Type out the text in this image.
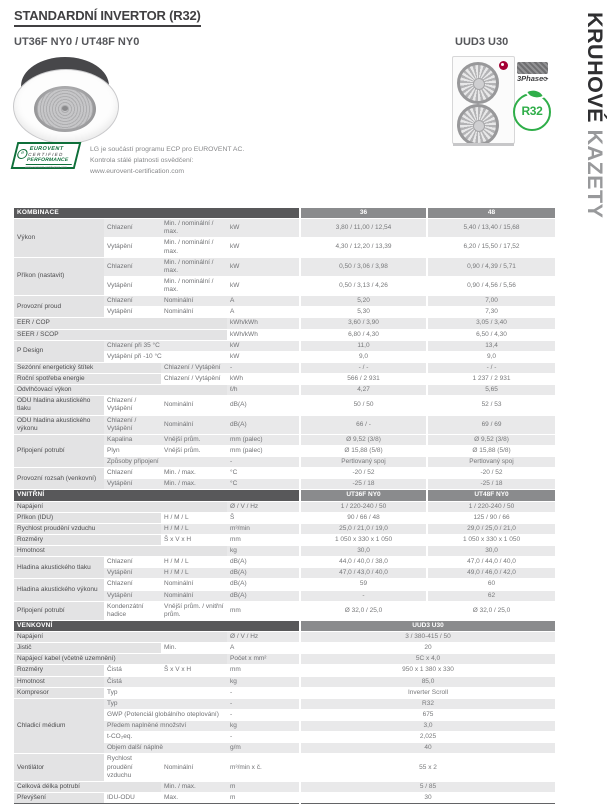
STANDARDNÍ INVERTOR (R32)
UT36F NY0 / UT48F NY0	UUD3 U30
3Phase⟳
R32
e
EUROVENT
CERTIFIED
PERFORMANCE
www.eurovent-certification.com
LG je součástí programu ECP pro EUROVENT AC.
Kontrola stálé platnosti osvědčení:
www.eurovent-certification.com
KRUHOVÉ KAZETY
KOMBINACE				36	48
Výkon	Chlazení	Min. / nominální / max.	kW	3,80 / 11,00 / 12,54	5,40 / 13,40 / 15,68
	Vytápění	Min. / nominální / max.	kW	4,30 / 12,20 / 13,39	6,20 / 15,50 / 17,52
Příkon (nastavit)	Chlazení	Min. / nominální / max.	kW	0,50 / 3,06 / 3,98	0,90 / 4,39 / 5,71
	Vytápění	Min. / nominální / max.	kW	0,50 / 3,13 / 4,26	0,90 / 4,56 / 5,56
Provozní proud	Chlazení	Nominální	A	5,20	7,00
	Vytápění	Nominální	A	5,30	7,30
EER / COP			kWh/kWh	3,60 / 3,90	3,05 / 3,40
SEER / SCOP			kWh/kWh	6,80 / 4,30	6,50 / 4,30
P Design	Chlazení při 35 °C		kW	11,0	13,4
	Vytápění při -10 °C		kW	9,0	9,0
Sezónní energetický štítek		Chlazení / Vytápění	-	- / -	- / -
Roční spotřeba energie		Chlazení / Vytápění	kWh	566 / 2 931	1 237 / 2 931
Odvlhčovací výkon			ℓ/h	4,27	5,65
ODU hladina akustického tlaku	Chlazení / Vytápění	Nominální	dB(A)	50 / 50	52 / 53
ODU hladina akustického výkonu	Chlazení / Vytápění	Nominální	dB(A)	66 / -	69 / 69
Připojení potrubí	Kapalina	Vnější prům.	mm (palec)	Ø 9,52 (3/8)	Ø 9,52 (3/8)
	Plyn	Vnější prům.	mm (palec)	Ø 15,88 (5/8)	Ø 15,88 (5/8)
	Způsoby připojení		-	Pertlovaný spoj	Pertlovaný spoj
Provozní rozsah (venkovní)	Chlazení	Min. / max.	°C	-20 / 52	-20 / 52
	Vytápění	Min. / max.	°C	-25 / 18	-25 / 18
VNITŘNÍ				UT36F NY0	UT48F NY0
Napájení			Ø / V / Hz	1 / 220-240 / 50	1 / 220-240 / 50
Příkon (IDU)		H / M / L	Š	90 / 66 / 48	125 / 90 / 66
Rychlost proudění vzduchu		H / M / L	m³/min	25,0 / 21,0 / 19,0	29,0 / 25,0 / 21,0
Rozměry		Š x V x H	mm	1 050 x 330 x 1 050	1 050 x 330 x 1 050
Hmotnost			kg	30,0	30,0
Hladina akustického tlaku	Chlazení	H / M / L	dB(A)	44,0 / 40,0 / 38,0	47,0 / 44,0 / 40,0
	Vytápění	H / M / L	dB(A)	47,0 / 43,0 / 40,0	49,0 / 46,0 / 42,0
Hladina akustického výkonu	Chlazení	Nominální	dB(A)	59	60
	Vytápění	Nominální	dB(A)	-	62
Připojení potrubí	Kondenzátní hadice	Vnější prům. / vnitřní prům.	mm	Ø 32,0 / 25,0	Ø 32,0 / 25,0
VENKOVNÍ				UUD3 U30	
Napájení			Ø / V / Hz	3 / 380-415 / 50	
Jistič		Min.	A	20	
Napájecí kabel (včetně uzemnění)			Počet x mm²	5C x 4,0	
Rozměry	Čistá	Š x V x H	mm	950 x 1 380 x 330	
Hmotnost	Čistá		kg	85,0	
Kompresor	Typ		-	Inverter Scroll	
Chladicí médium	Typ		-	R32	
	GWP (Potenciál globálního oteplování)		-	675	
	Předem naplněné množství		kg	3,0	
	t-CO₂eq.		-	2,025	
	Objem další náplně		g/m	40	
Ventilátor	Rychlost proudění vzduchu	Nominální	m³/min x č.	55 x 2	
Celková délka potrubí		Min. / max.	m	5 / 85	
Převýšení	IDU-ODU	Max.	m	30	
